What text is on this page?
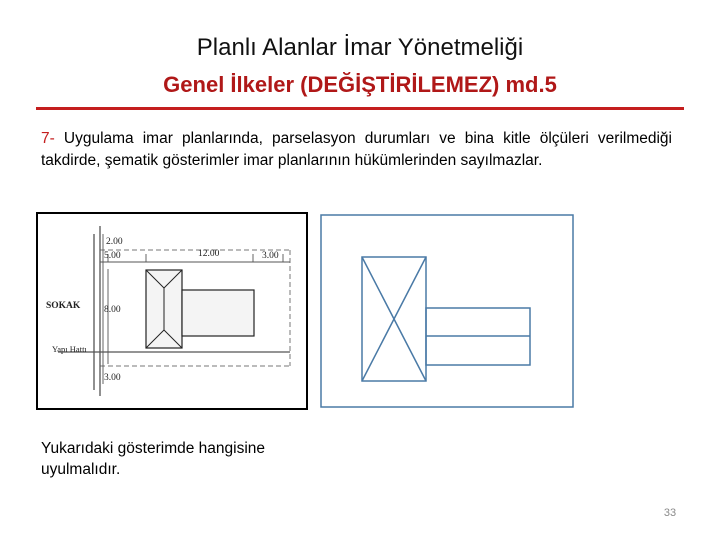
Planlı Alanlar İmar Yönetmeliği
Genel İlkeler (DEĞİŞTİRİLEMEZ) md.5
7- Uygulama imar planlarında, parselasyon durumları ve bina kitle ölçüleri verilmediği takdirde, şematik gösterimler imar planlarının hükümlerinden sayılmazlar.
2.00
5.00	12.00	3.00
8.00
3.00
SOKAK
Yapı Hattı
Yukarıdaki gösterimde hangisine uyulmalıdır.
33
